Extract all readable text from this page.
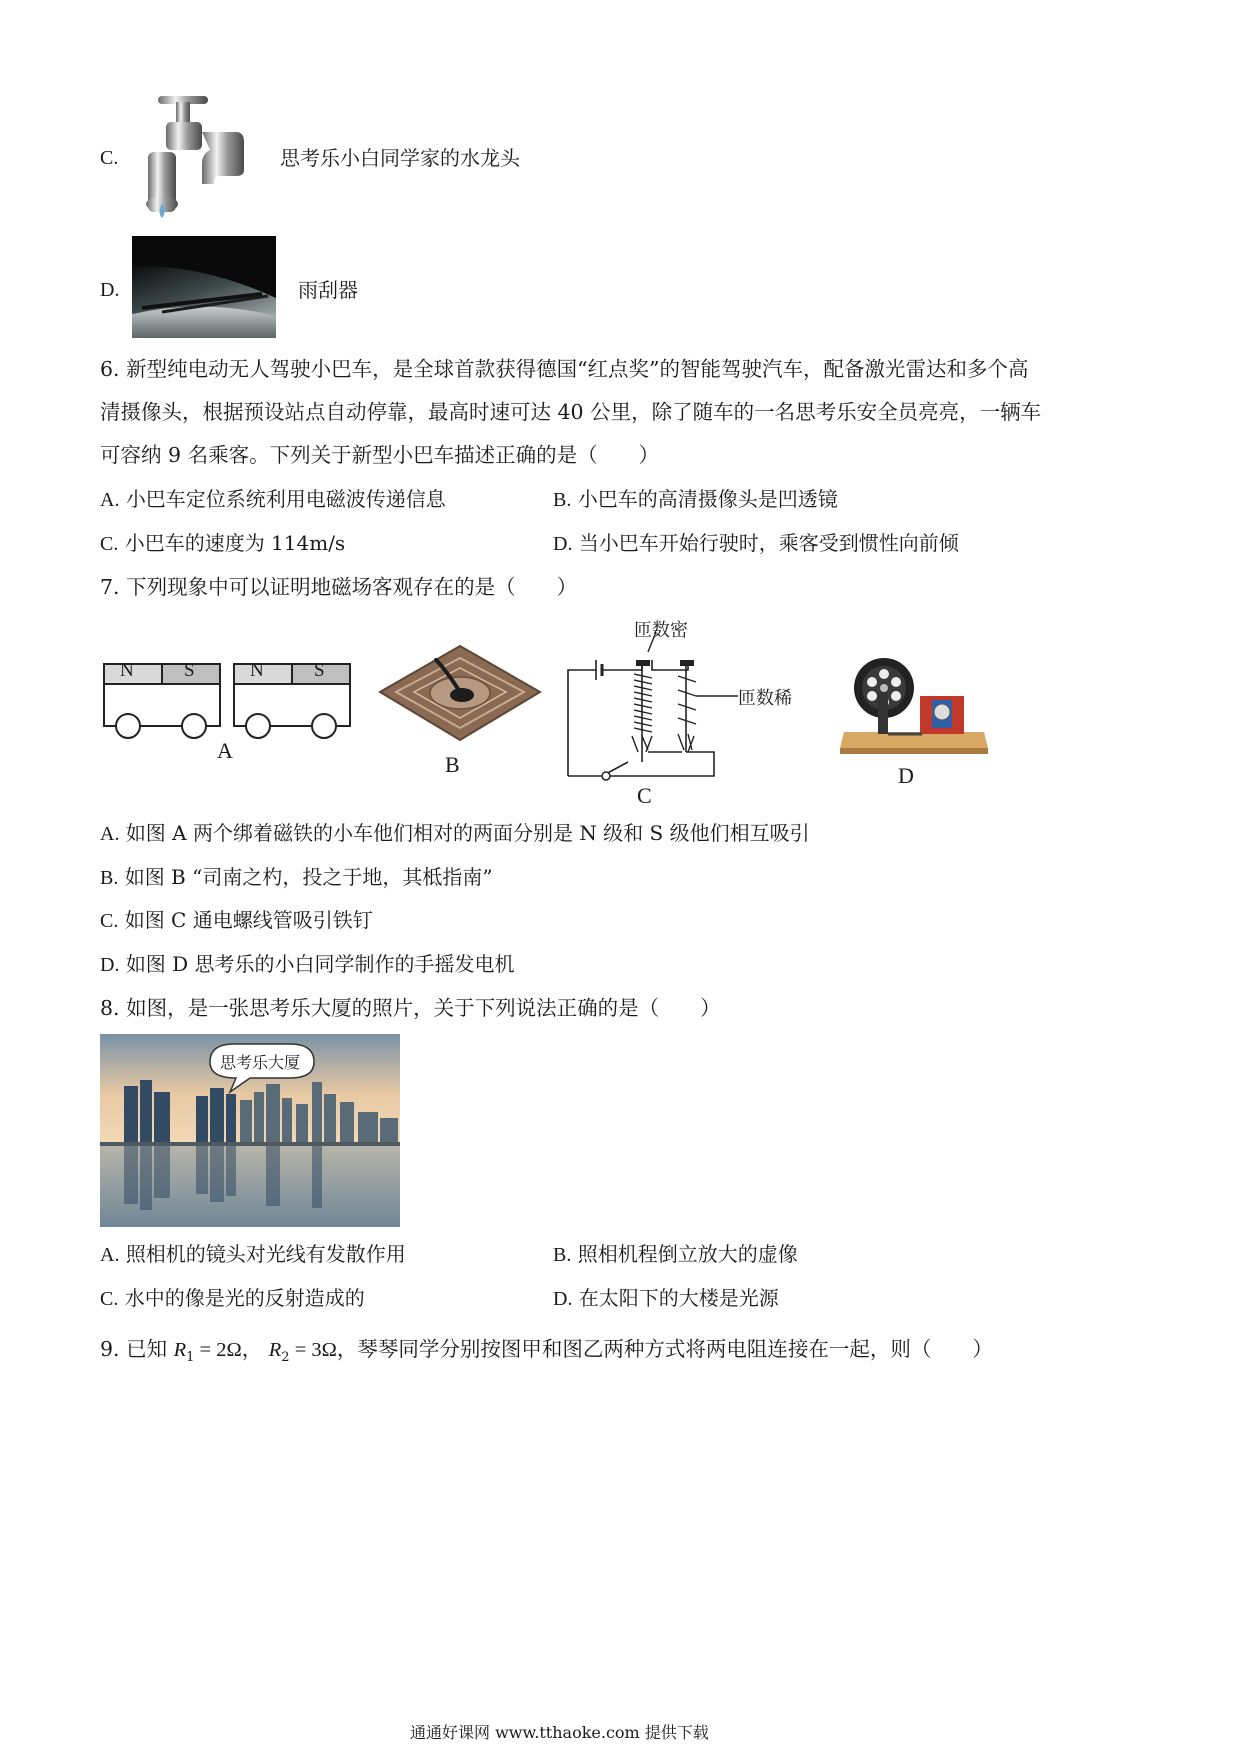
C.	思考乐小白同学家的水龙头
D.	雨刮器
6. 新型纯电动无人驾驶小巴车，是全球首款获得德国“红点奖”的智能驾驶汽车，配备激光雷达和多个高
清摄像头，根据预设站点自动停靠，最高时速可达 40 公里，除了随车的一名思考乐安全员亮亮，一辆车
可容纳 9 名乘客。下列关于新型小巴车描述正确的是（　　）
A. 小巴车定位系统利用电磁波传递信息	B. 小巴车的高清摄像头是凹透镜
C. 小巴车的速度为 114m/s	D. 当小巴车开始行驶时，乘客受到惯性向前倾
7. 下列现象中可以证明地磁场客观存在的是（　　）
N	S	N	S
A
B
匝数密
匝数稀
C
D
A. 如图 A 两个绑着磁铁的小车他们相对的两面分别是 N 级和 S 级他们相互吸引
B. 如图 B “司南之杓，投之于地，其柢指南”
C. 如图 C 通电螺线管吸引铁钉
D. 如图 D 思考乐的小白同学制作的手摇发电机
8. 如图，是一张思考乐大厦的照片，关于下列说法正确的是（　　）
思考乐大厦
A. 照相机的镜头对光线有发散作用	B. 照相机程倒立放大的虚像
C. 水中的像是光的反射造成的	D. 在太阳下的大楼是光源
9. 已知 $R_1 = 2\Omega$， $R_2 = 3\Omega$，琴琴同学分别按图甲和图乙两种方式将两电阻连接在一起，则（　　）
通通好课网 www.tthaoke.com 提供下载
